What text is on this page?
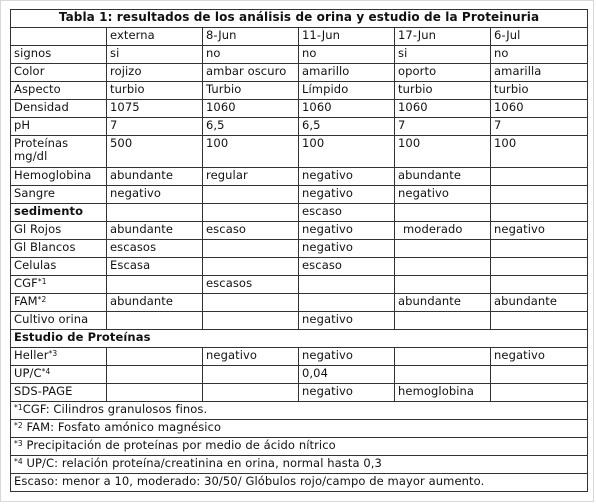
Tabla 1: resultados de los análisis de orina y estudio de la Proteinuria					
	externa	8-Jun	11-Jun	17-Jun	6-Jul
signos	si	no	no	si	no
Color	rojizo	ambar oscuro	amarillo	oporto	amarilla
Aspecto	turbio	Turbio	Límpido	turbio	turbio
Densidad	1075	1060	1060	1060	1060
pH	7	6,5	6,5	7	7
Proteínas mg/dl	500	100	100	100	100
Hemoglobina	abundante	regular	negativo	abundante	
Sangre	negativo		negativo	negativo	
sedimento			escaso		
Gl Rojos	abundante	escaso	negativo	moderado	negativo
Gl Blancos	escasos		negativo		
Celulas	Escasa		escaso		
CGF$^{*1}$		escasos			
FAM$^{*2}$	abundante			abundante	abundante
Cultivo orina			negativo		
Estudio de Proteínas					
Heller$^{*3}$		negativo	negativo		negativo
$UP/C^{*4}$			0,04		
SDS-PAGE			negativo	hemoglobina	
$^{*1}$CGF: Cilindros granulosos finos.					
$^{*2}$ FAM: Fosfato amónico magnésico					
$^{*3}$ Precipitación de proteínas por medio de ácido nítrico					
$^{*4}$ UP/C: relación proteína/creatinina en orina, normal hasta 0,3					
Escaso: menor a 10, moderado: 30/50/ Glóbulos rojo/campo de mayor aumento.					
